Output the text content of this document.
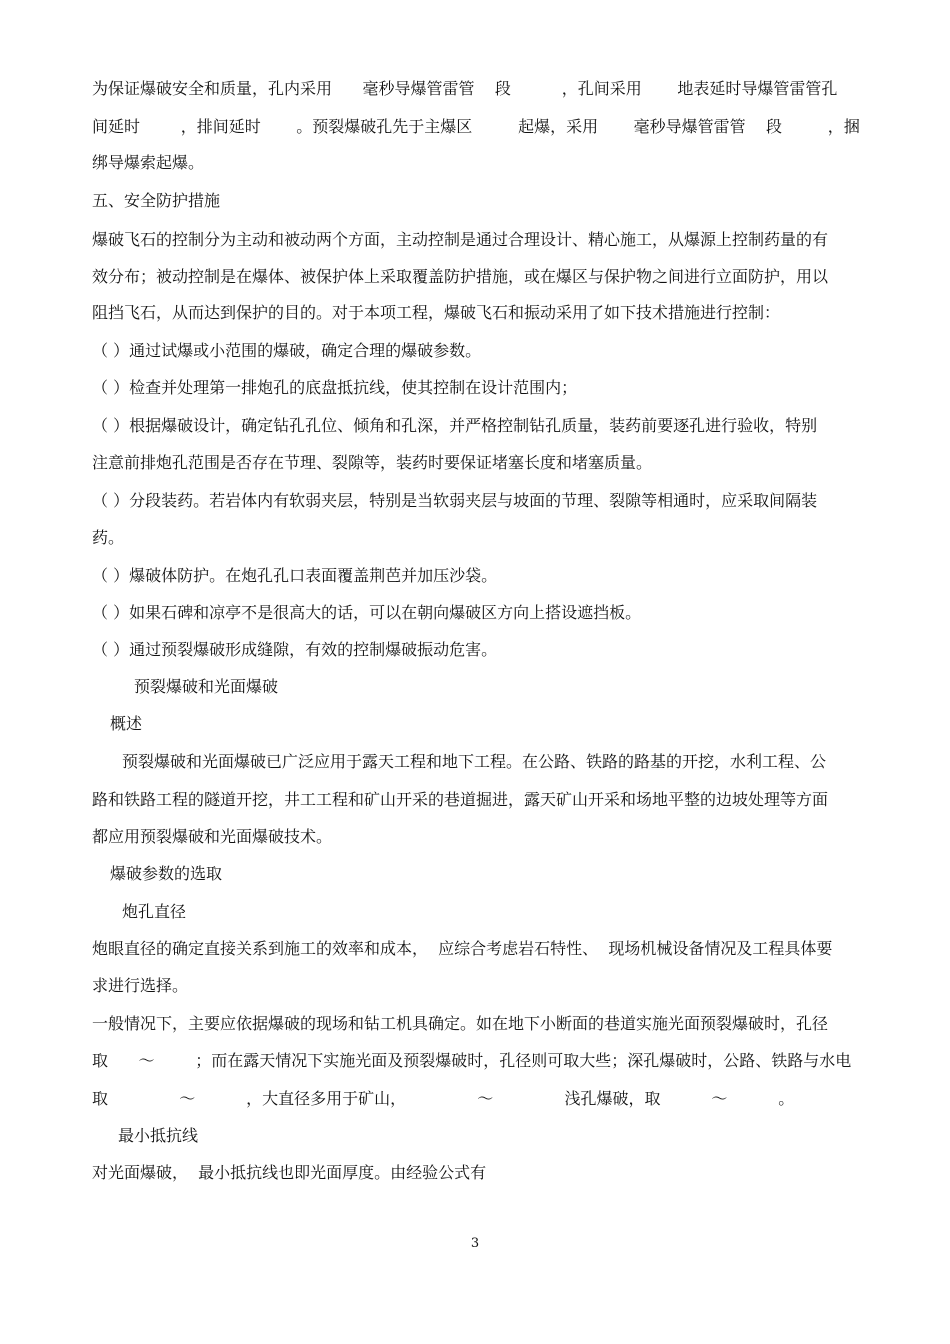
为保证爆破安全和质量，孔内采用      毫秒导爆管雷管    段          ，孔间采用       地表延时导爆管雷管孔
间延时        ，排间延时       。预裂爆破孔先于主爆区         起爆，采用       毫秒导爆管雷管    段         ，捆
绑导爆索起爆。
五、安全防护措施
爆破飞石的控制分为主动和被动两个方面，主动控制是通过合理设计、精心施工，从爆源上控制药量的有
效分布；被动控制是在爆体、被保护体上采取覆盖防护措施，或在爆区与保护物之间进行立面防护，用以
阻挡飞石，从而达到保护的目的。对于本项工程，爆破飞石和振动采用了如下技术措施进行控制：
（ ）通过试爆或小范围的爆破，确定合理的爆破参数。
（ ）检查并处理第一排炮孔的底盘抵抗线，使其控制在设计范围内；
（ ）根据爆破设计，确定钻孔孔位、倾角和孔深，并严格控制钻孔质量，装药前要逐孔进行验收，特别
注意前排炮孔范围是否存在节理、裂隙等，装药时要保证堵塞长度和堵塞质量。
（ ）分段装药。若岩体内有软弱夹层，特别是当软弱夹层与坡面的节理、裂隙等相通时，应采取间隔装
药。
（ ）爆破体防护。在炮孔孔口表面覆盖荆芭并加压沙袋。
（ ）如果石碑和凉亭不是很高大的话，可以在朝向爆破区方向上搭设遮挡板。
（ ）通过预裂爆破形成缝隙，有效的控制爆破振动危害。
预裂爆破和光面爆破
概述
预裂爆破和光面爆破已广泛应用于露天工程和地下工程。在公路、铁路的路基的开挖，水利工程、公
路和铁路工程的隧道开挖，井工工程和矿山开采的巷道掘进，露天矿山开采和场地平整的边坡处理等方面
都应用预裂爆破和光面爆破技术。
爆破参数的选取
炮孔直径
炮眼直径的确定直接关系到施工的效率和成本，  应综合考虑岩石特性、  现场机械设备情况及工程具体要
求进行选择。
一般情况下，主要应依据爆破的现场和钻工机具确定。如在地下小断面的巷道实施光面预裂爆破时，孔径
取      ～        ；而在露天情况下实施光面及预裂爆破时，孔径则可取大些；深孔爆破时，公路、铁路与水电
取              ～          ，大直径多用于矿山，              ～              浅孔爆破，取          ～          。
最小抵抗线
对光面爆破，  最小抵抗线也即光面厚度。由经验公式有
3
